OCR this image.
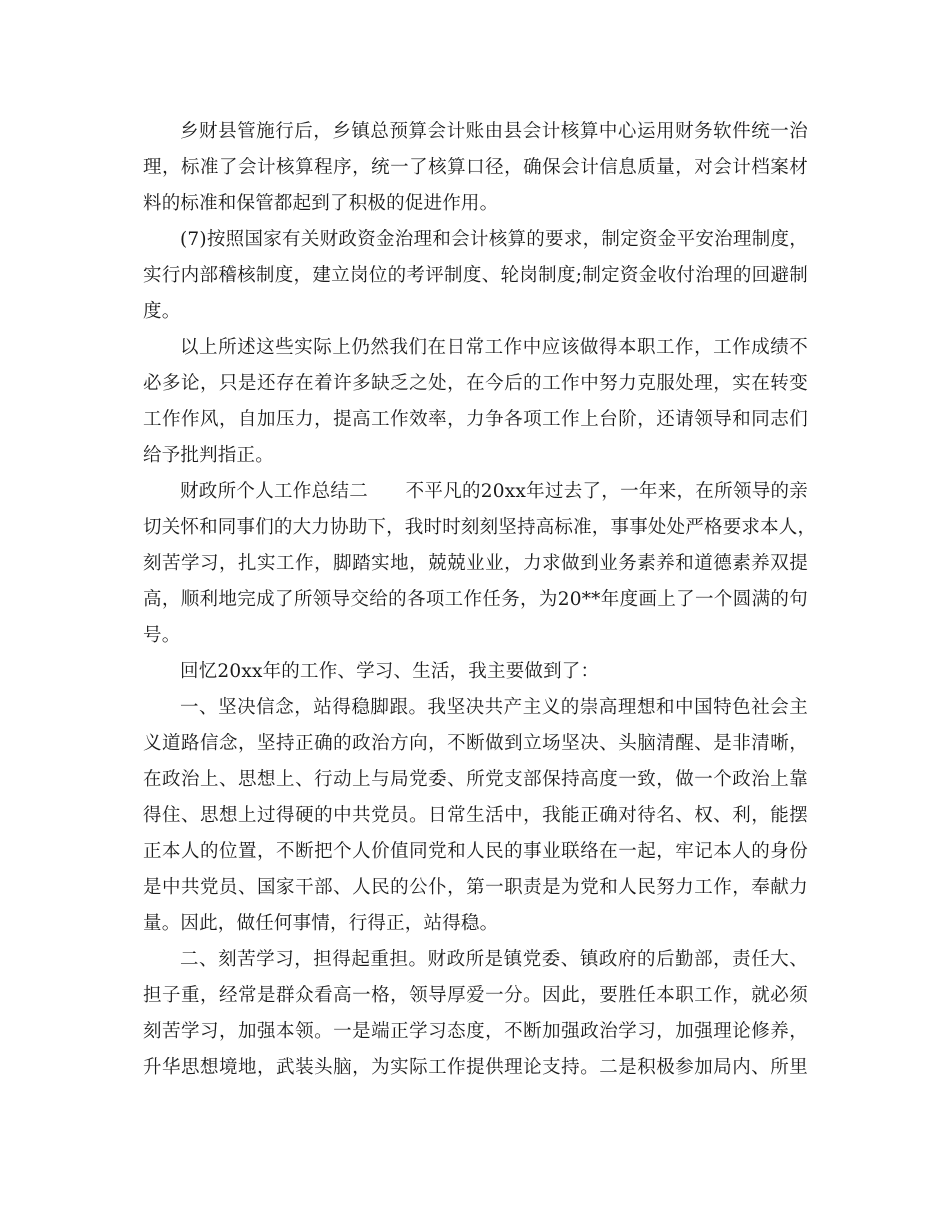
乡财县管施行后，乡镇总预算会计账由县会计核算中心运用财务软件统一治
理，标准了会计核算程序，统一了核算口径，确保会计信息质量，对会计档案材
料的标准和保管都起到了积极的促进作用。
(7)按照国家有关财政资金治理和会计核算的要求，制定资金平安治理制度，
实行内部稽核制度，建立岗位的考评制度、轮岗制度;制定资金收付治理的回避制
度。
以上所述这些实际上仍然我们在日常工作中应该做得本职工作，工作成绩不
必多论，只是还存在着许多缺乏之处，在今后的工作中努力克服处理，实在转变
工作作风，自加压力，提高工作效率，力争各项工作上台阶，还请领导和同志们
给予批判指正。
财政所个人工作总结二　　不平凡的20xx年过去了，一年来，在所领导的亲
切关怀和同事们的大力协助下，我时时刻刻坚持高标准，事事处处严格要求本人，
刻苦学习，扎实工作，脚踏实地，兢兢业业，力求做到业务素养和道德素养双提
高，顺利地完成了所领导交给的各项工作任务，为20**年度画上了一个圆满的句
号。
回忆20xx年的工作、学习、生活，我主要做到了：
一、坚决信念，站得稳脚跟。我坚决共产主义的崇高理想和中国特色社会主
义道路信念，坚持正确的政治方向，不断做到立场坚决、头脑清醒、是非清晰，
在政治上、思想上、行动上与局党委、所党支部保持高度一致，做一个政治上靠
得住、思想上过得硬的中共党员。日常生活中，我能正确对待名、权、利，能摆
正本人的位置，不断把个人价值同党和人民的事业联络在一起，牢记本人的身份
是中共党员、国家干部、人民的公仆，第一职责是为党和人民努力工作，奉献力
量。因此，做任何事情，行得正，站得稳。
二、刻苦学习，担得起重担。财政所是镇党委、镇政府的后勤部，责任大、
担子重，经常是群众看高一格，领导厚爱一分。因此，要胜任本职工作，就必须
刻苦学习，加强本领。一是端正学习态度，不断加强政治学习，加强理论修养，
升华思想境地，武装头脑，为实际工作提供理论支持。二是积极参加局内、所里
